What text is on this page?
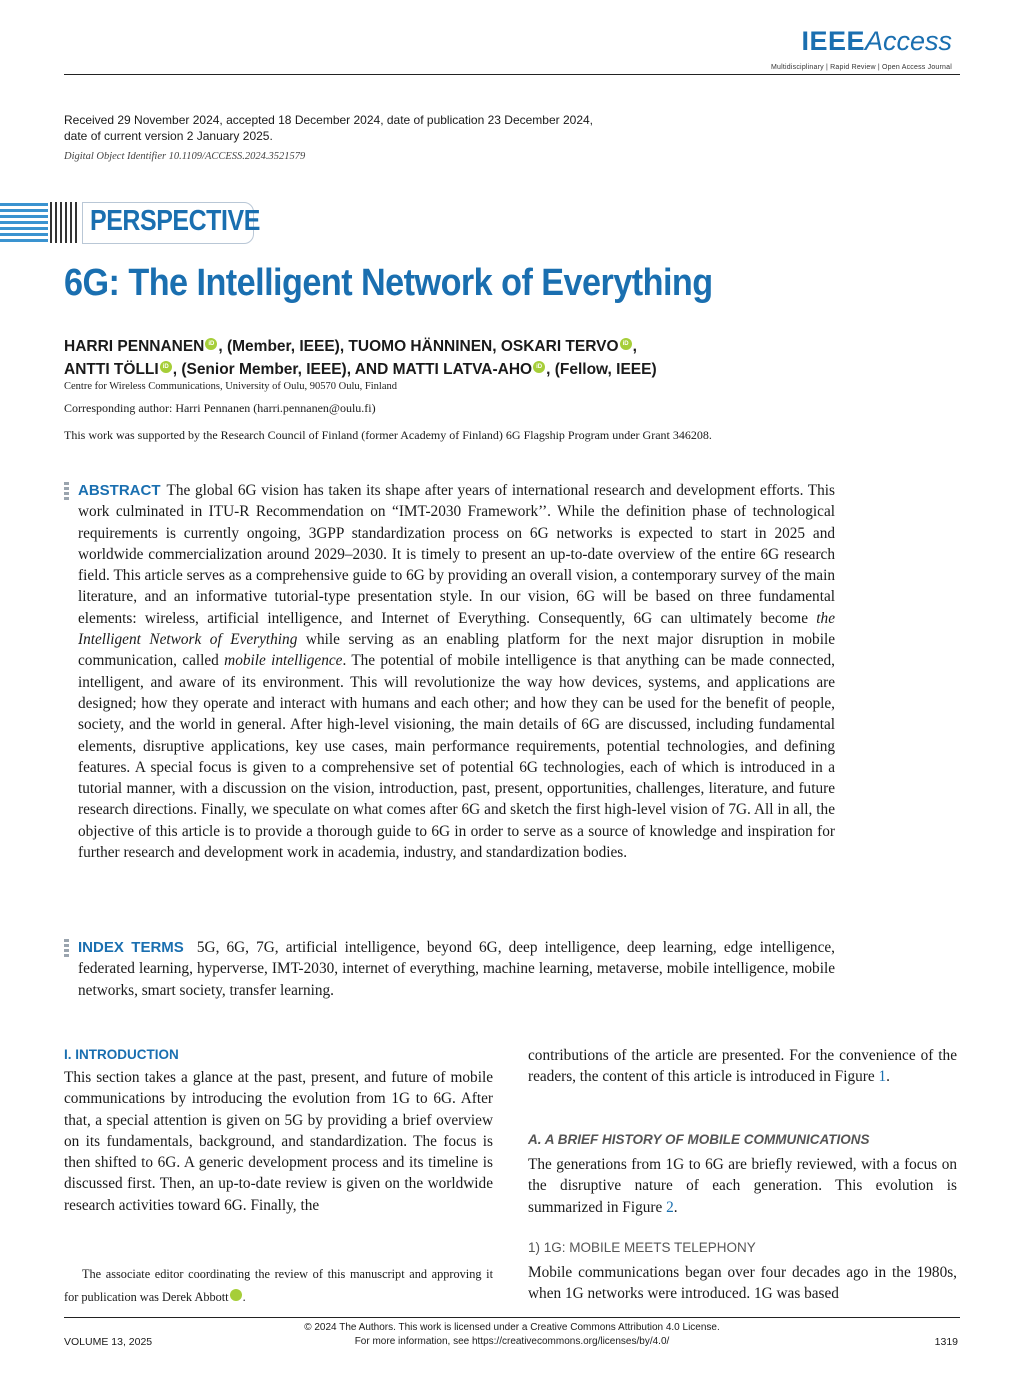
IEEEAccess
Multidisciplinary | Rapid Review | Open Access Journal
Received 29 November 2024, accepted 18 December 2024, date of publication 23 December 2024,
date of current version 2 January 2025.
Digital Object Identifier 10.1109/ACCESS.2024.3521579
PERSPECTIVE
6G: The Intelligent Network of Everything
HARRI PENNANEN iD , (Member, IEEE), TUOMO HÄNNINEN, OSKARI TERVO iD ,
ANTTI TÖLLI iD , (Senior Member, IEEE), AND MATTI LATVA-AHO iD , (Fellow, IEEE)
Centre for Wireless Communications, University of Oulu, 90570 Oulu, Finland
Corresponding author: Harri Pennanen (harri.pennanen@oulu.fi)
This work was supported by the Research Council of Finland (former Academy of Finland) 6G Flagship Program under Grant 346208.
ABSTRACT The global 6G vision has taken its shape after years of international research and development efforts. This work culminated in ITU-R Recommendation on “IMT-2030 Framework’’. While the definition phase of technological requirements is currently ongoing, 3GPP standardization process on 6G networks is expected to start in 2025 and worldwide commercialization around 2029–2030. It is timely to present an up-to-date overview of the entire 6G research field. This article serves as a comprehensive guide to 6G by providing an overall vision, a contemporary survey of the main literature, and an informative tutorial-type presentation style. In our vision, 6G will be based on three fundamental elements: wireless, artificial intelligence, and Internet of Everything. Consequently, 6G can ultimately become the Intelligent Network of Everything while serving as an enabling platform for the next major disruption in mobile communication, called mobile intelligence. The potential of mobile intelligence is that anything can be made connected, intelligent, and aware of its environment. This will revolutionize the way how devices, systems, and applications are designed; how they operate and interact with humans and each other; and how they can be used for the benefit of people, society, and the world in general. After high-level visioning, the main details of 6G are discussed, including fundamental elements, disruptive applications, key use cases, main performance requirements, potential technologies, and defining features. A special focus is given to a comprehensive set of potential 6G technologies, each of which is introduced in a tutorial manner, with a discussion on the vision, introduction, past, present, opportunities, challenges, literature, and future research directions. Finally, we speculate on what comes after 6G and sketch the first high-level vision of 7G. All in all, the objective of this article is to provide a thorough guide to 6G in order to serve as a source of knowledge and inspiration for further research and development work in academia, industry, and standardization bodies.
INDEX TERMS 5G, 6G, 7G, artificial intelligence, beyond 6G, deep intelligence, deep learning, edge intelligence, federated learning, hyperverse, IMT-2030, internet of everything, machine learning, metaverse, mobile intelligence, mobile networks, smart society, transfer learning.
I. INTRODUCTION
This section takes a glance at the past, present, and future of mobile communications by introducing the evolution from 1G to 6G. After that, a special attention is given on 5G by providing a brief overview on its fundamentals, background, and standardization. The focus is then shifted to 6G. A generic development process and its timeline is discussed first. Then, an up-to-date review is given on the worldwide research activities toward 6G. Finally, the
The associate editor coordinating the review of this manuscript and approving it for publication was Derek Abbott	iD.
contributions of the article are presented. For the convenience of the readers, the content of this article is introduced in Figure 1.
A. A BRIEF HISTORY OF MOBILE COMMUNICATIONS
The generations from 1G to 6G are briefly reviewed, with a focus on the disruptive nature of each generation. This evolution is summarized in Figure 2.
1) 1G: MOBILE MEETS TELEPHONY
Mobile communications began over four decades ago in the 1980s, when 1G networks were introduced. 1G was based
© 2024 The Authors. This work is licensed under a Creative Commons Attribution 4.0 License.
For more information, see https://creativecommons.org/licenses/by/4.0/
VOLUME 13, 2025	1319
